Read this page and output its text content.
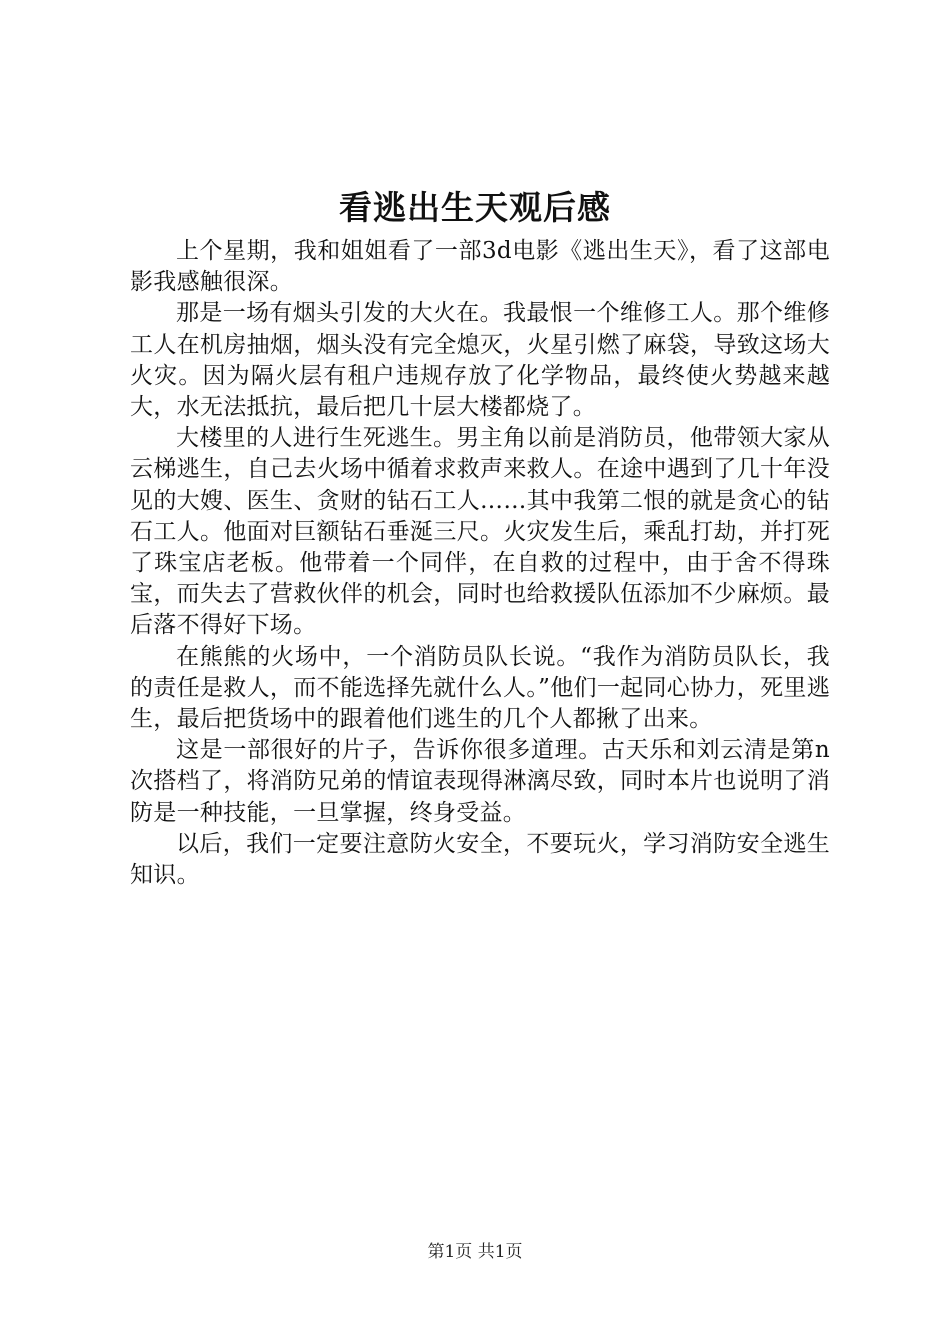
看逃出生天观后感

上个星期，我和姐姐看了一部3d电影《逃出生天》，看了这部电影我感触很深。

那是一场有烟头引发的大火在。我最恨一个维修工人。那个维修工人在机房抽烟，烟头没有完全熄灭，火星引燃了麻袋，导致这场大火灾。因为隔火层有租户违规存放了化学物品，最终使火势越来越大，水无法抵抗，最后把几十层大楼都烧了。

大楼里的人进行生死逃生。男主角以前是消防员，他带领大家从云梯逃生，自己去火场中循着求救声来救人。在途中遇到了几十年没见的大嫂、医生、贪财的钻石工人……其中我第二恨的就是贪心的钻石工人。他面对巨额钻石垂涎三尺。火灾发生后，乘乱打劫，并打死了珠宝店老板。他带着一个同伴，在自救的过程中，由于舍不得珠宝，而失去了营救伙伴的机会，同时也给救援队伍添加不少麻烦。最后落不得好下场。

在熊熊的火场中，一个消防员队长说。“我作为消防员队长，我的责任是救人，而不能选择先就什么人。”他们一起同心协力，死里逃生，最后把货场中的跟着他们逃生的几个人都揪了出来。

这是一部很好的片子，告诉你很多道理。古天乐和刘云清是第n次搭档了，将消防兄弟的情谊表现得淋漓尽致，同时本片也说明了消防是一种技能，一旦掌握，终身受益。

以后，我们一定要注意防火安全，不要玩火，学习消防安全逃生知识。

第1页 共1页
